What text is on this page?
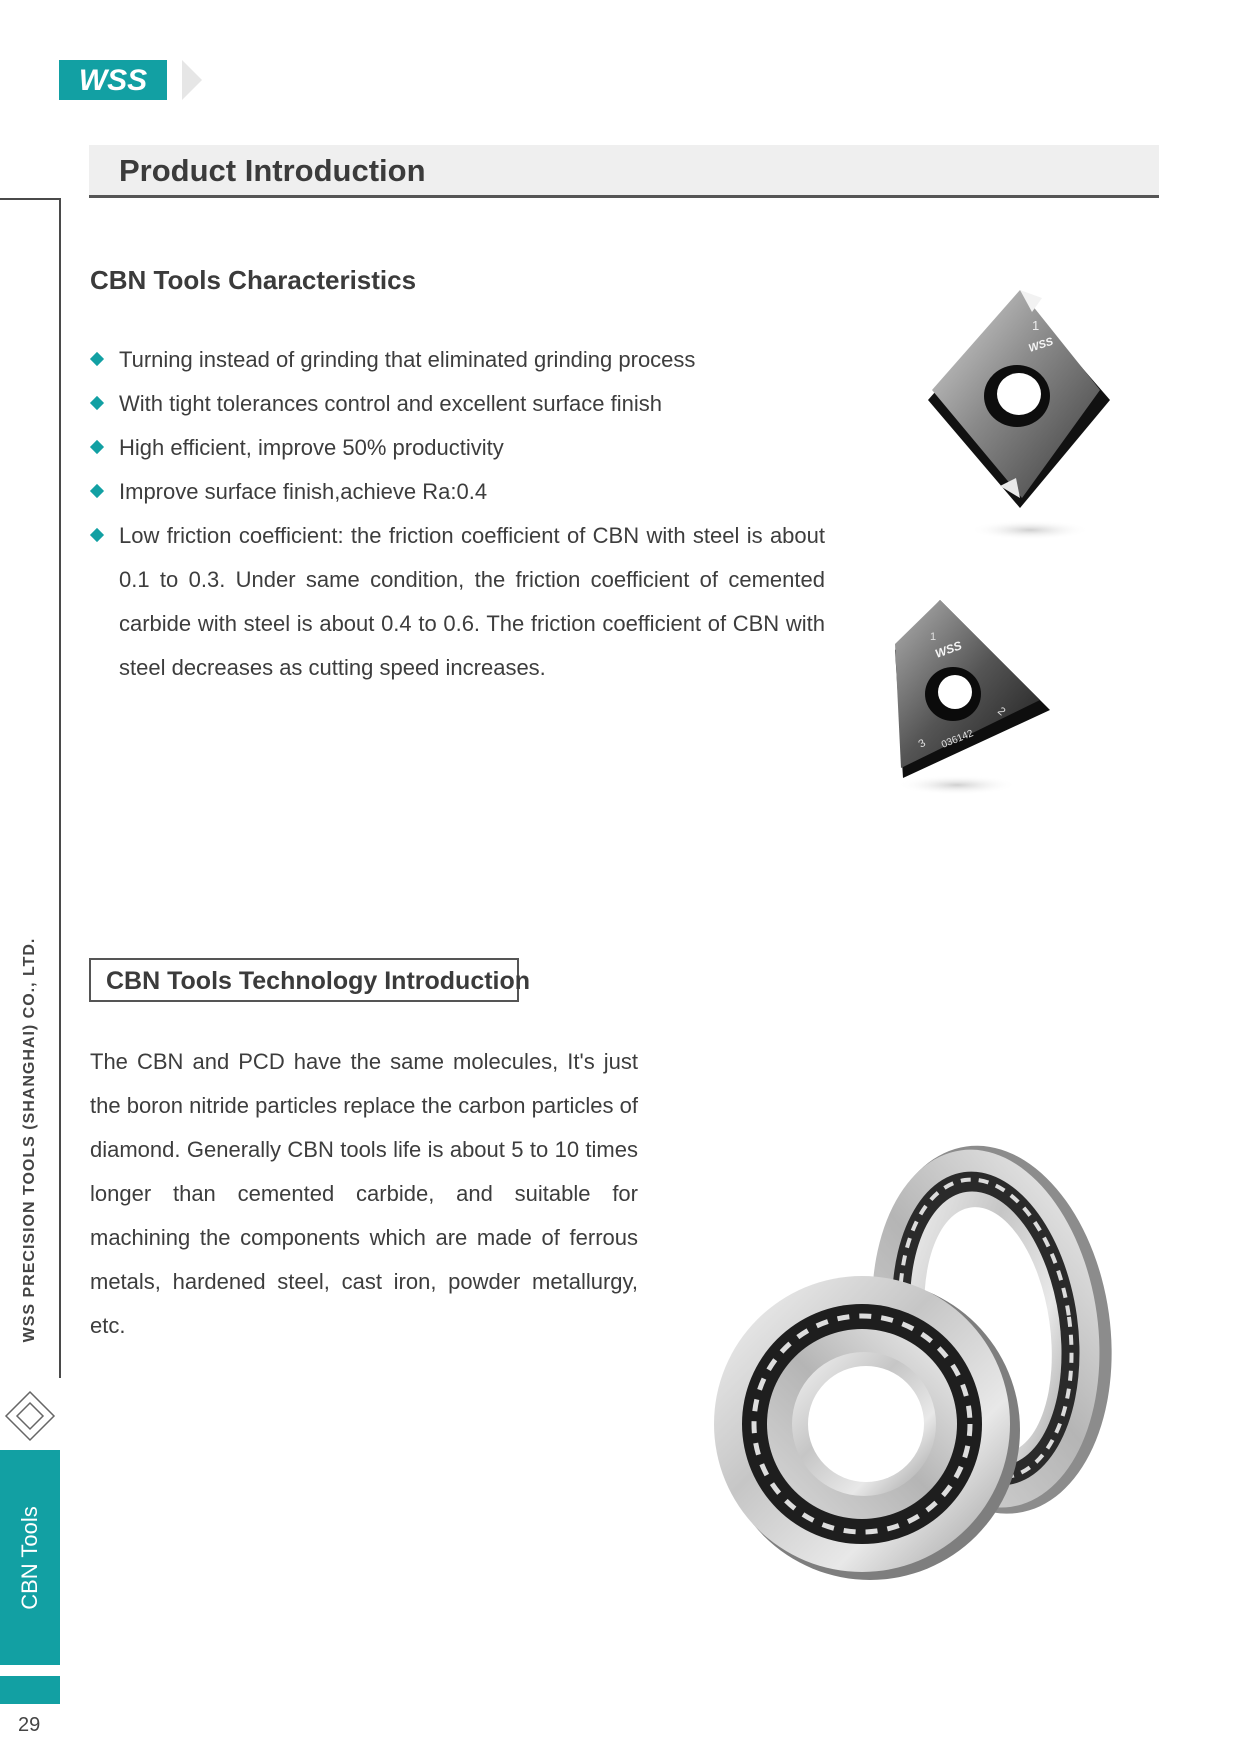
WSS
WSS PRECISION TOOLS (SHANGHAI) CO., LTD.
CBN Tools
29
Product Introduction
CBN Tools Characteristics
Turning instead of grinding that eliminated grinding process
With tight tolerances control and excellent surface finish
High efficient, improve 50% productivity
Improve surface finish,achieve Ra:0.4
Low friction coefficient: the friction coefficient of CBN with steel is about 0.1 to 0.3. Under same condition, the friction coefficient of cemented carbide with steel is about 0.4 to 0.6. The friction coefficient of CBN with steel decreases as cutting speed increases.
1
WSS
1
2
3
WSS
036142
CBN Tools Technology Introduction

The CBN and PCD have the same molecules, It's just the boron nitride particles replace the carbon particles of diamond. Generally CBN tools life is about 5 to 10 times longer than cemented carbide, and suitable for machining the components which are made of ferrous metals, hardened steel, cast iron, powder metallurgy, etc.
